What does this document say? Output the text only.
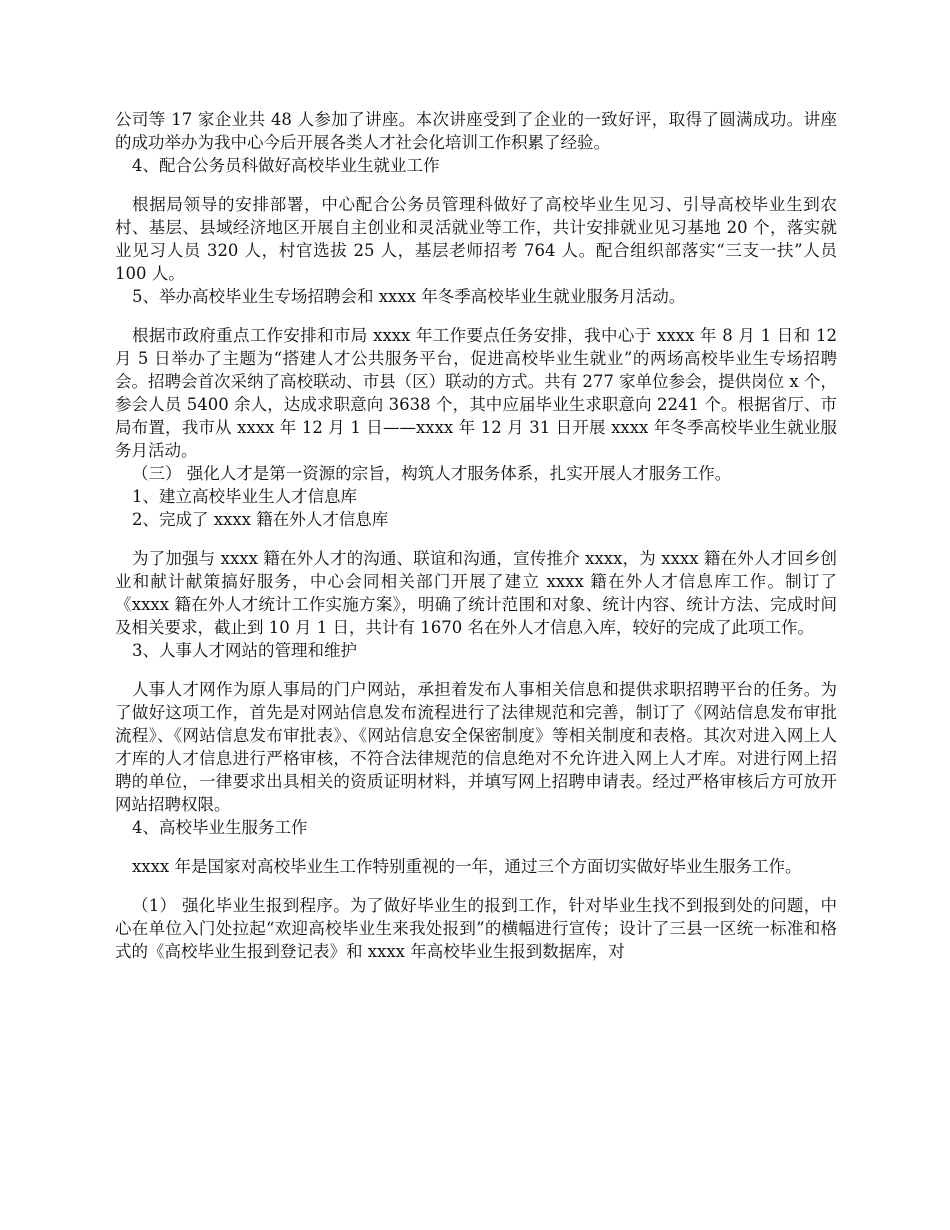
公司等 17 家企业共 48 人参加了讲座。本次讲座受到了企业的一致好评，取得了圆满成功。讲座的成功举办为我中心今后开展各类人才社会化培训工作积累了经验。

4、配合公务员科做好高校毕业生就业工作

根据局领导的安排部署，中心配合公务员管理科做好了高校毕业生见习、引导高校毕业生到农村、基层、县域经济地区开展自主创业和灵活就业等工作，共计安排就业见习基地 20 个，落实就业见习人员 320 人，村官选拔 25 人，基层老师招考 764 人。配合组织部落实“三支一扶”人员 100 人。

5、举办高校毕业生专场招聘会和 xxxx 年冬季高校毕业生就业服务月活动。

根据市政府重点工作安排和市局 xxxx 年工作要点任务安排，我中心于 xxxx 年 8 月 1 日和 12 月 5 日举办了主题为“搭建人才公共服务平台，促进高校毕业生就业”的两场高校毕业生专场招聘会。招聘会首次采纳了高校联动、市县（区）联动的方式。共有 277 家单位参会，提供岗位 x 个，参会人员 5400 余人，达成求职意向 3638 个，其中应届毕业生求职意向 2241 个。根据省厅、市局布置，我市从 xxxx 年 12 月 1 日——xxxx 年 12 月 31 日开展 xxxx 年冬季高校毕业生就业服务月活动。

（三） 强化人才是第一资源的宗旨，构筑人才服务体系，扎实开展人才服务工作。

1、建立高校毕业生人才信息库

2、完成了 xxxx 籍在外人才信息库

为了加强与 xxxx 籍在外人才的沟通、联谊和沟通，宣传推介 xxxx，为 xxxx 籍在外人才回乡创业和献计献策搞好服务，中心会同相关部门开展了建立 xxxx 籍在外人才信息库工作。制订了《xxxx 籍在外人才统计工作实施方案》，明确了统计范围和对象、统计内容、统计方法、完成时间及相关要求，截止到 10 月 1 日，共计有 1670 名在外人才信息入库，较好的完成了此项工作。

3、人事人才网站的管理和维护

人事人才网作为原人事局的门户网站，承担着发布人事相关信息和提供求职招聘平台的任务。为了做好这项工作，首先是对网站信息发布流程进行了法律规范和完善，制订了《网站信息发布审批流程》、《网站信息发布审批表》、《网站信息安全保密制度》等相关制度和表格。其次对进入网上人才库的人才信息进行严格审核，不符合法律规范的信息绝对不允许进入网上人才库。对进行网上招聘的单位，一律要求出具相关的资质证明材料，并填写网上招聘申请表。经过严格审核后方可放开网站招聘权限。

4、高校毕业生服务工作

xxxx 年是国家对高校毕业生工作特别重视的一年，通过三个方面切实做好毕业生服务工作。

（1） 强化毕业生报到程序。为了做好毕业生的报到工作，针对毕业生找不到报到处的问题，中心在单位入门处拉起“欢迎高校毕业生来我处报到”的横幅进行宣传；设计了三县一区统一标准和格式的《高校毕业生报到登记表》和 xxxx 年高校毕业生报到数据库，对
